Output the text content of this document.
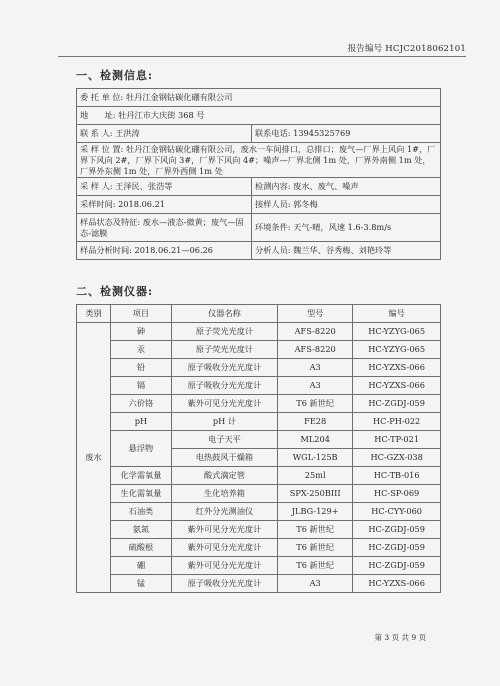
报告编号 HCJC2018062101
一、检测信息:
委 托 单 位: 牡丹江金钢钻碳化硼有限公司	
地　　址: 牡丹江市大庆街 368 号	
联 系 人: 王洪涛	联系电话: 13945325769
采 样 位 置: 牡丹江金钢钻碳化硼有限公司，废水一车间排口，总排口；废气—厂界上风向 1#，厂界下风向 2#，厂界下风向 3#，厂界下风向 4#；噪声—厂界北侧 1m 处，厂界外南侧 1m 处，厂界外东侧 1m 处，厂界外西侧 1m 处	
采 样 人: 王泽民、张浩等	检测内容: 废水、废气、噪声
采样时间: 2018.06.21	接样人员: 郭冬梅
样品状态及特征: 废水—液态-微黄；废气—固态-滤膜	环境条件: 天气-晴，风速 1.6-3.8m/s
样品分析时间: 2018.06.21—06.26	分析人员: 魏兰华、谷秀梅、刘艳玲等
二、检测仪器:
类别	项目	仪器名称	型号	编号
废水	砷	原子荧光光度计	AFS-8220	HC-YZYG-065
	汞	原子荧光光度计	AFS-8220	HC-YZYG-065
	铅	原子吸收分光光度计	A3	HC-YZXS-066
	镉	原子吸收分光光度计	A3	HC-YZXS-066
	六价铬	紫外可见分光光度计	T6 新世纪	HC-ZGDJ-059
	pH	pH 计	FE28	HC-PH-022
	悬浮物	电子天平	ML204	HC-TP-021
		电热鼓风干燥箱	WGL-125B	HC-GZX-038
	化学需氧量	酸式滴定管	25ml	HC-TB-016
	生化需氧量	生化培养箱	SPX-250BIII	HC-SP-069
	石油类	红外分光测油仪	JLBG-129+	HC-CYY-060
	氨氮	紫外可见分光光度计	T6 新世纪	HC-ZGDJ-059
	硫酸根	紫外可见分光光度计	T6 新世纪	HC-ZGDJ-059
	硼	紫外可见分光光度计	T6 新世纪	HC-ZGDJ-059
	锰	原子吸收分光光度计	A3	HC-YZXS-066
第 3 页 共 9 页
